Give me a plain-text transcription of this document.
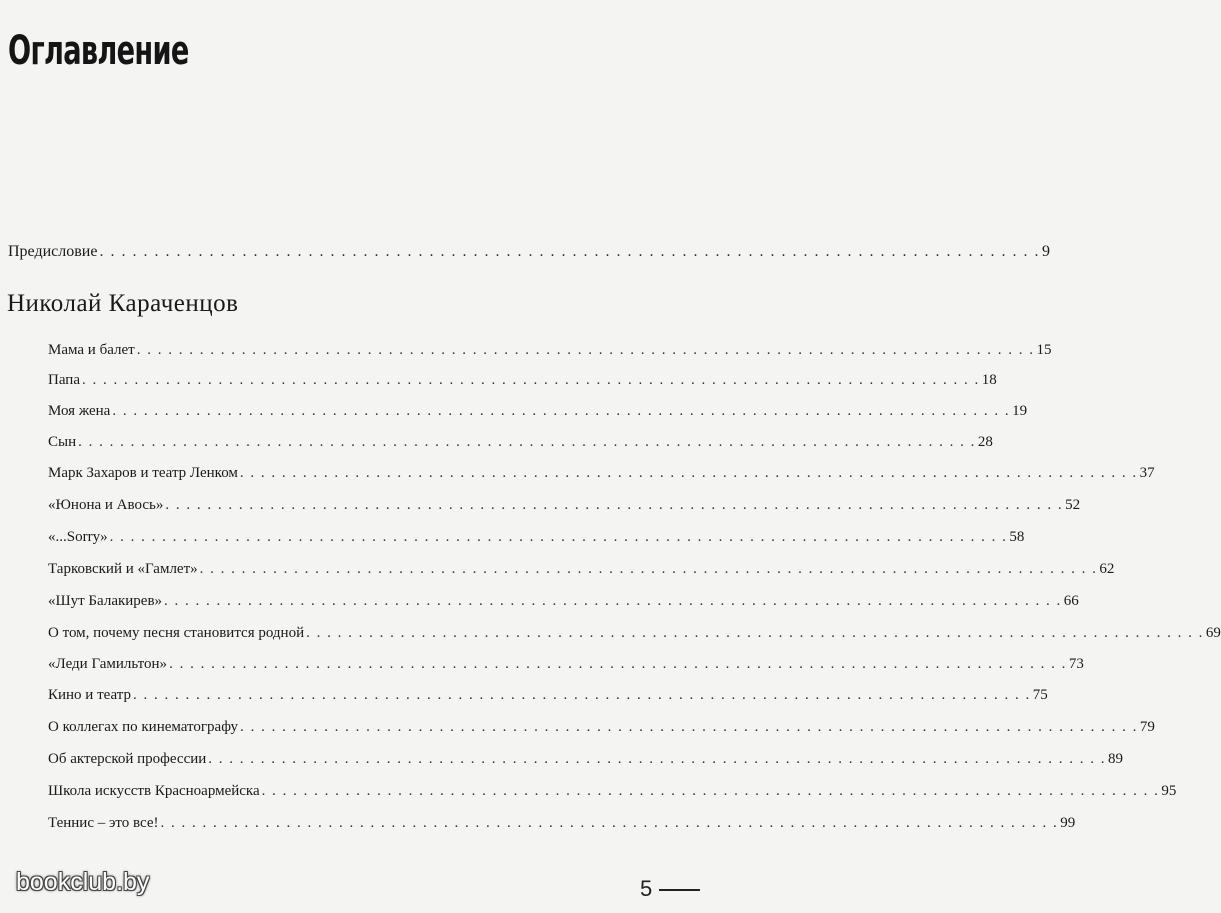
Оглавление
Предисловие . . . . . . . . . . . . . . . . . . . . . . . . . . . . . . . . . . . . . . . . . . . . . . . . . . . . . . . . . . . . . . . . . . . . . . . . . . . . . . . . . . . . . . 9
Николай Караченцов
Мама и балет . . . . . . . . . . . . . . . . . . . . . . . . . . . . . . . . . . . . . . . . . . . . . . . . . . . . . . . . . . . . . . . . . . . . . . . . . . . . . . . . . . . . . . 15
Папа . . . . . . . . . . . . . . . . . . . . . . . . . . . . . . . . . . . . . . . . . . . . . . . . . . . . . . . . . . . . . . . . . . . . . . . . . . . . . . . . . . . . . . 18
Моя жена . . . . . . . . . . . . . . . . . . . . . . . . . . . . . . . . . . . . . . . . . . . . . . . . . . . . . . . . . . . . . . . . . . . . . . . . . . . . . . . . . . . . . . 19
Сын . . . . . . . . . . . . . . . . . . . . . . . . . . . . . . . . . . . . . . . . . . . . . . . . . . . . . . . . . . . . . . . . . . . . . . . . . . . . . . . . . . . . . . 28
Марк Захаров и театр Ленком . . . . . . . . . . . . . . . . . . . . . . . . . . . . . . . . . . . . . . . . . . . . . . . . . . . . . . . . . . . . . . . . . . . . . . . . . . . . . . . . . . . . . . 37
«Юнона и Авось» . . . . . . . . . . . . . . . . . . . . . . . . . . . . . . . . . . . . . . . . . . . . . . . . . . . . . . . . . . . . . . . . . . . . . . . . . . . . . . . . . . . . . . 52
«...Sorry» . . . . . . . . . . . . . . . . . . . . . . . . . . . . . . . . . . . . . . . . . . . . . . . . . . . . . . . . . . . . . . . . . . . . . . . . . . . . . . . . . . . . . . 58
Тарковский и «Гамлет» . . . . . . . . . . . . . . . . . . . . . . . . . . . . . . . . . . . . . . . . . . . . . . . . . . . . . . . . . . . . . . . . . . . . . . . . . . . . . . . . . . . . . . 62
«Шут Балакирев» . . . . . . . . . . . . . . . . . . . . . . . . . . . . . . . . . . . . . . . . . . . . . . . . . . . . . . . . . . . . . . . . . . . . . . . . . . . . . . . . . . . . . . 66
О том, почему песня становится родной . . . . . . . . . . . . . . . . . . . . . . . . . . . . . . . . . . . . . . . . . . . . . . . . . . . . . . . . . . . . . . . . . . . . . . . . . . . . . . . . . . . . . . 69
«Леди Гамильтон» . . . . . . . . . . . . . . . . . . . . . . . . . . . . . . . . . . . . . . . . . . . . . . . . . . . . . . . . . . . . . . . . . . . . . . . . . . . . . . . . . . . . . . 73
Кино и театр . . . . . . . . . . . . . . . . . . . . . . . . . . . . . . . . . . . . . . . . . . . . . . . . . . . . . . . . . . . . . . . . . . . . . . . . . . . . . . . . . . . . . . 75
О коллегах по кинематографу . . . . . . . . . . . . . . . . . . . . . . . . . . . . . . . . . . . . . . . . . . . . . . . . . . . . . . . . . . . . . . . . . . . . . . . . . . . . . . . . . . . . . . 79
Об актерской профессии . . . . . . . . . . . . . . . . . . . . . . . . . . . . . . . . . . . . . . . . . . . . . . . . . . . . . . . . . . . . . . . . . . . . . . . . . . . . . . . . . . . . . . 89
Школа искусств Красноармейска . . . . . . . . . . . . . . . . . . . . . . . . . . . . . . . . . . . . . . . . . . . . . . . . . . . . . . . . . . . . . . . . . . . . . . . . . . . . . . . . . . . . . . 95
Теннис – это все! . . . . . . . . . . . . . . . . . . . . . . . . . . . . . . . . . . . . . . . . . . . . . . . . . . . . . . . . . . . . . . . . . . . . . . . . . . . . . . . . . . . . . . 99
bookclub.by	5
